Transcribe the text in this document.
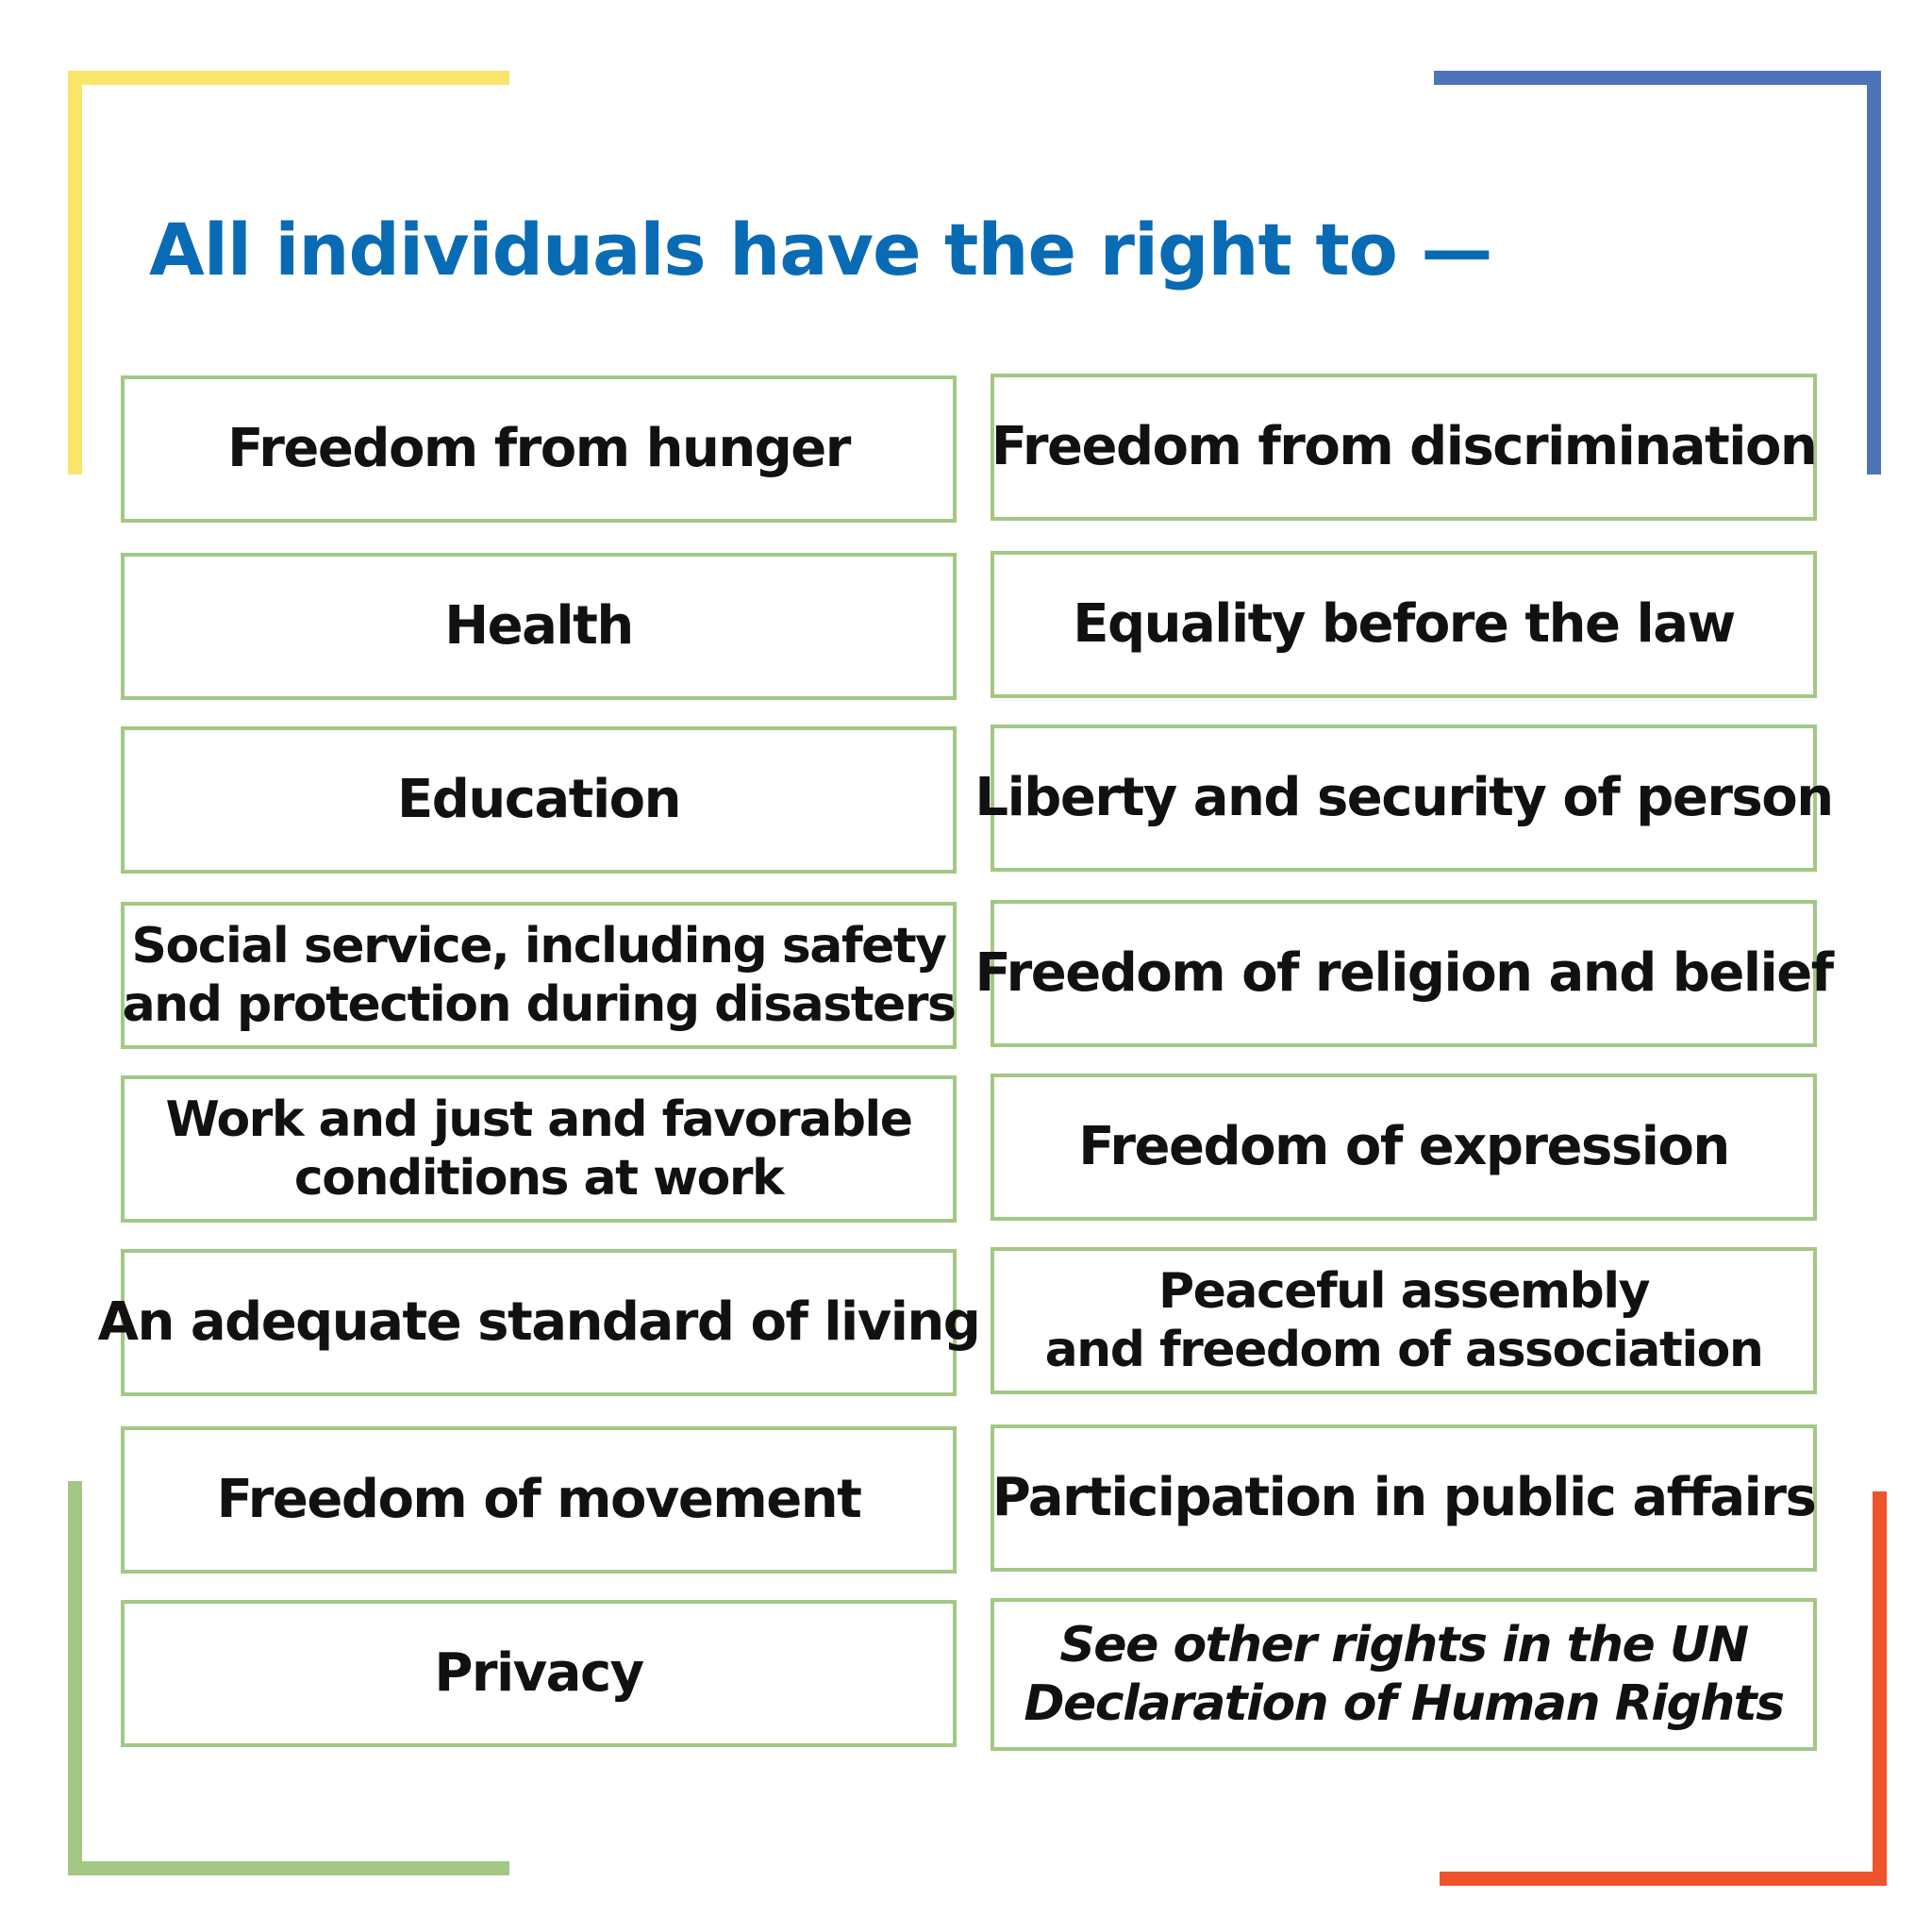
All individuals have the right to —
Freedom from hunger
Health
Education
Social service, including safety
and protection during disasters
Work and just and favorable
conditions at work
An adequate standard of living
Freedom of movement
Privacy
Freedom from discrimination
Equality before the law
Liberty and security of person
Freedom of religion and belief
Freedom of expression
Peaceful assembly
and freedom of association
Participation in public affairs
See other rights in the UN
Declaration of Human Rights
